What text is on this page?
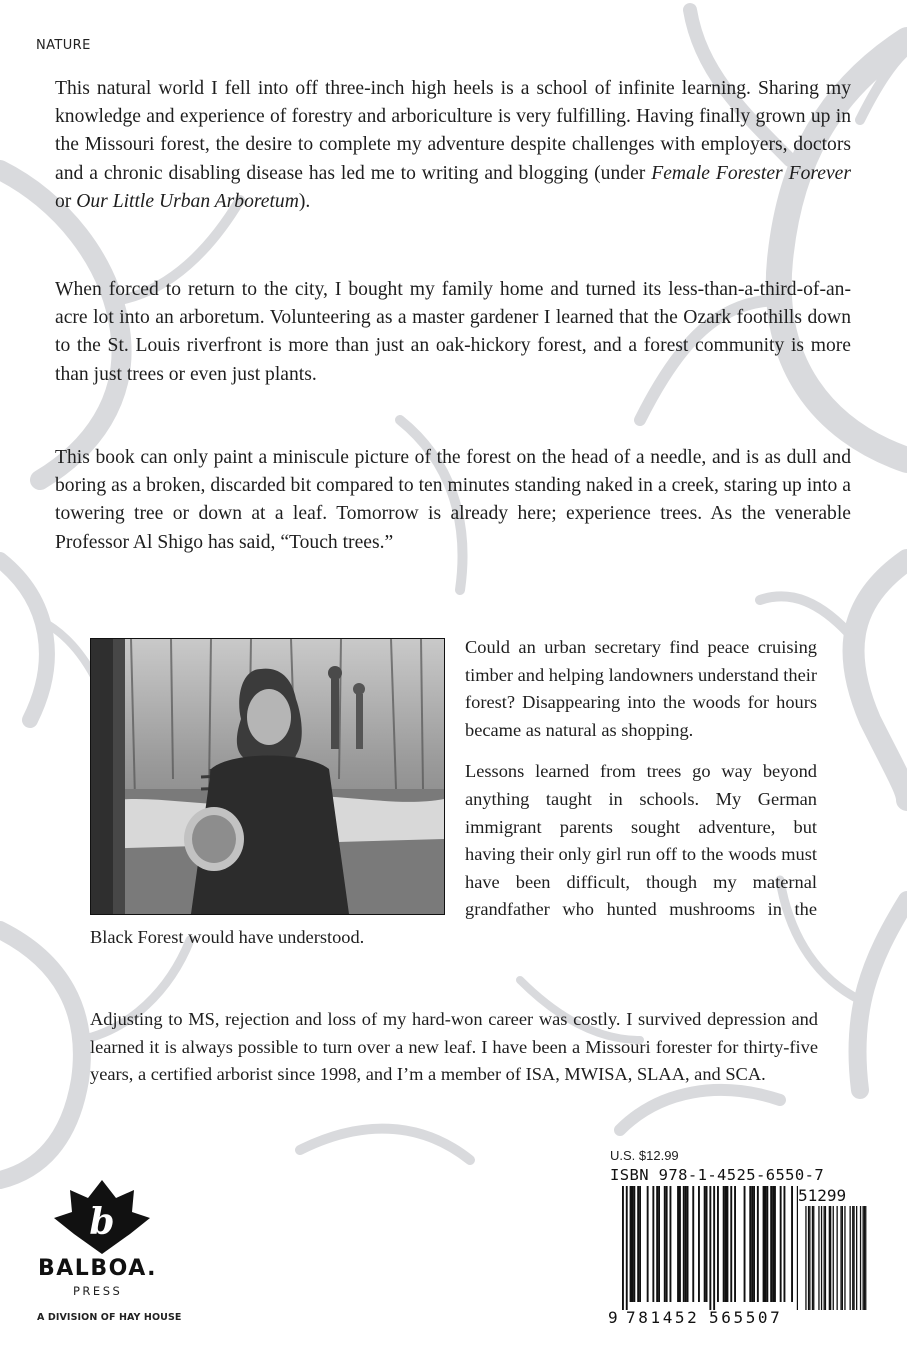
NATURE

This natural world I fell into off three-inch high heels is a school of infinite learning. Sharing my knowledge and experience of forestry and arboriculture is very fulfilling. Having finally grown up in the Missouri forest, the desire to complete my adventure despite challenges with employers, doctors and a chronic disabling disease has led me to writing and blogging (under Female Forester Forever or Our Little Urban Arboretum).

When forced to return to the city, I bought my family home and turned its less-than-a-third-of-an-acre lot into an arboretum. Volunteering as a master gardener I learned that the Ozark foothills down to the St. Louis riverfront is more than just an oak-hickory forest, and a forest community is more than just trees or even just plants.

This book can only paint a miniscule picture of the forest on the head of a needle, and is as dull and boring as a broken, discarded bit compared to ten minutes standing naked in a creek, staring up into a towering tree or down at a leaf. Tomorrow is already here; experience trees. As the venerable Professor Al Shigo has said, “Touch trees.”

Could an urban secretary find peace cruising timber and helping landowners understand their forest? Disappearing into the woods for hours became as natural as shopping.

Lessons learned from trees go way beyond anything taught in schools. My German immigrant parents sought adventure, but having their only girl run off to the woods must have been difficult, though my maternal grandfather who hunted mushrooms in the Black Forest would have understood.

Adjusting to MS, rejection and loss of my hard-won career was costly. I survived depression and learned it is always possible to turn over a new leaf. I have been a Missouri forester for thirty-five years, a certified arborist since 1998, and I’m a member of ISA, MWISA, SLAA, and SCA.

b
BALBOA.
PRESS
A DIVISION OF HAY HOUSE
U.S. $12.99
ISBN 978-1-4525-6550-7
51299
9 781452 565507
